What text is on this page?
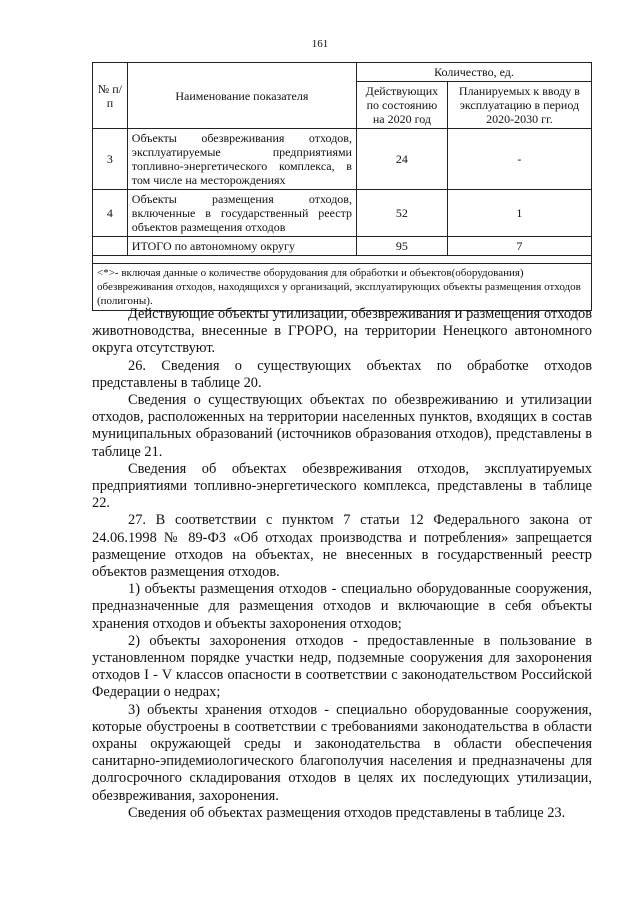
161
№ п/п	Наименование показателя	Количество, ед.	
		Действующих по состоянию на 2020 год	Планируемых к вводу в эксплуатацию в период 2020-2030 гг.
3	Объекты обезвреживания отходов, эксплуатируемые предприятиями топливно-энергетического комплекса, в том числе на месторождениях	24	-
4	Объекты размещения отходов, включенные в государственный реестр объектов размещения отходов	52	1
	ИТОГО по автономному округу	95	7

<*>- включая данные о количестве оборудования для обработки и объектов(оборудования) обезвреживания отходов, находящихся у организаций, эксплуатирующих объекты размещения отходов (полигоны).			

Действующие объекты утилизации, обезвреживания и размещения отходов животноводства, внесенные в ГРОРО, на территории Ненецкого автономного округа отсутствуют.

26. Сведения о существующих объектах по обработке отходов представлены в таблице 20.

Сведения о существующих объектах по обезвреживанию и утилизации отходов, расположенных на территории населенных пунктов, входящих в состав муниципальных образований (источников образования отходов), представлены в таблице 21.

Сведения об объектах обезвреживания отходов, эксплуатируемых предприятиями топливно-энергетического комплекса, представлены в таблице 22.

27. В соответствии с пунктом 7 статьи 12 Федерального закона от 24.06.1998 № 89-ФЗ «Об отходах производства и потребления» запрещается размещение отходов на объектах, не внесенных в государственный реестр объектов размещения отходов.

1) объекты размещения отходов - специально оборудованные сооружения, предназначенные для размещения отходов и включающие в себя объекты хранения отходов и объекты захоронения отходов;

2) объекты захоронения отходов - предоставленные в пользование в установленном порядке участки недр, подземные сооружения для захоронения отходов I - V классов опасности в соответствии с законодательством Российской Федерации о недрах;

3) объекты хранения отходов - специально оборудованные сооружения, которые обустроены в соответствии с требованиями законодательства в области охраны окружающей среды и законодательства в области обеспечения санитарно-эпидемиологического благополучия населения и предназначены для долгосрочного складирования отходов в целях их последующих утилизации, обезвреживания, захоронения.

Сведения об объектах размещения отходов представлены в таблице 23.
